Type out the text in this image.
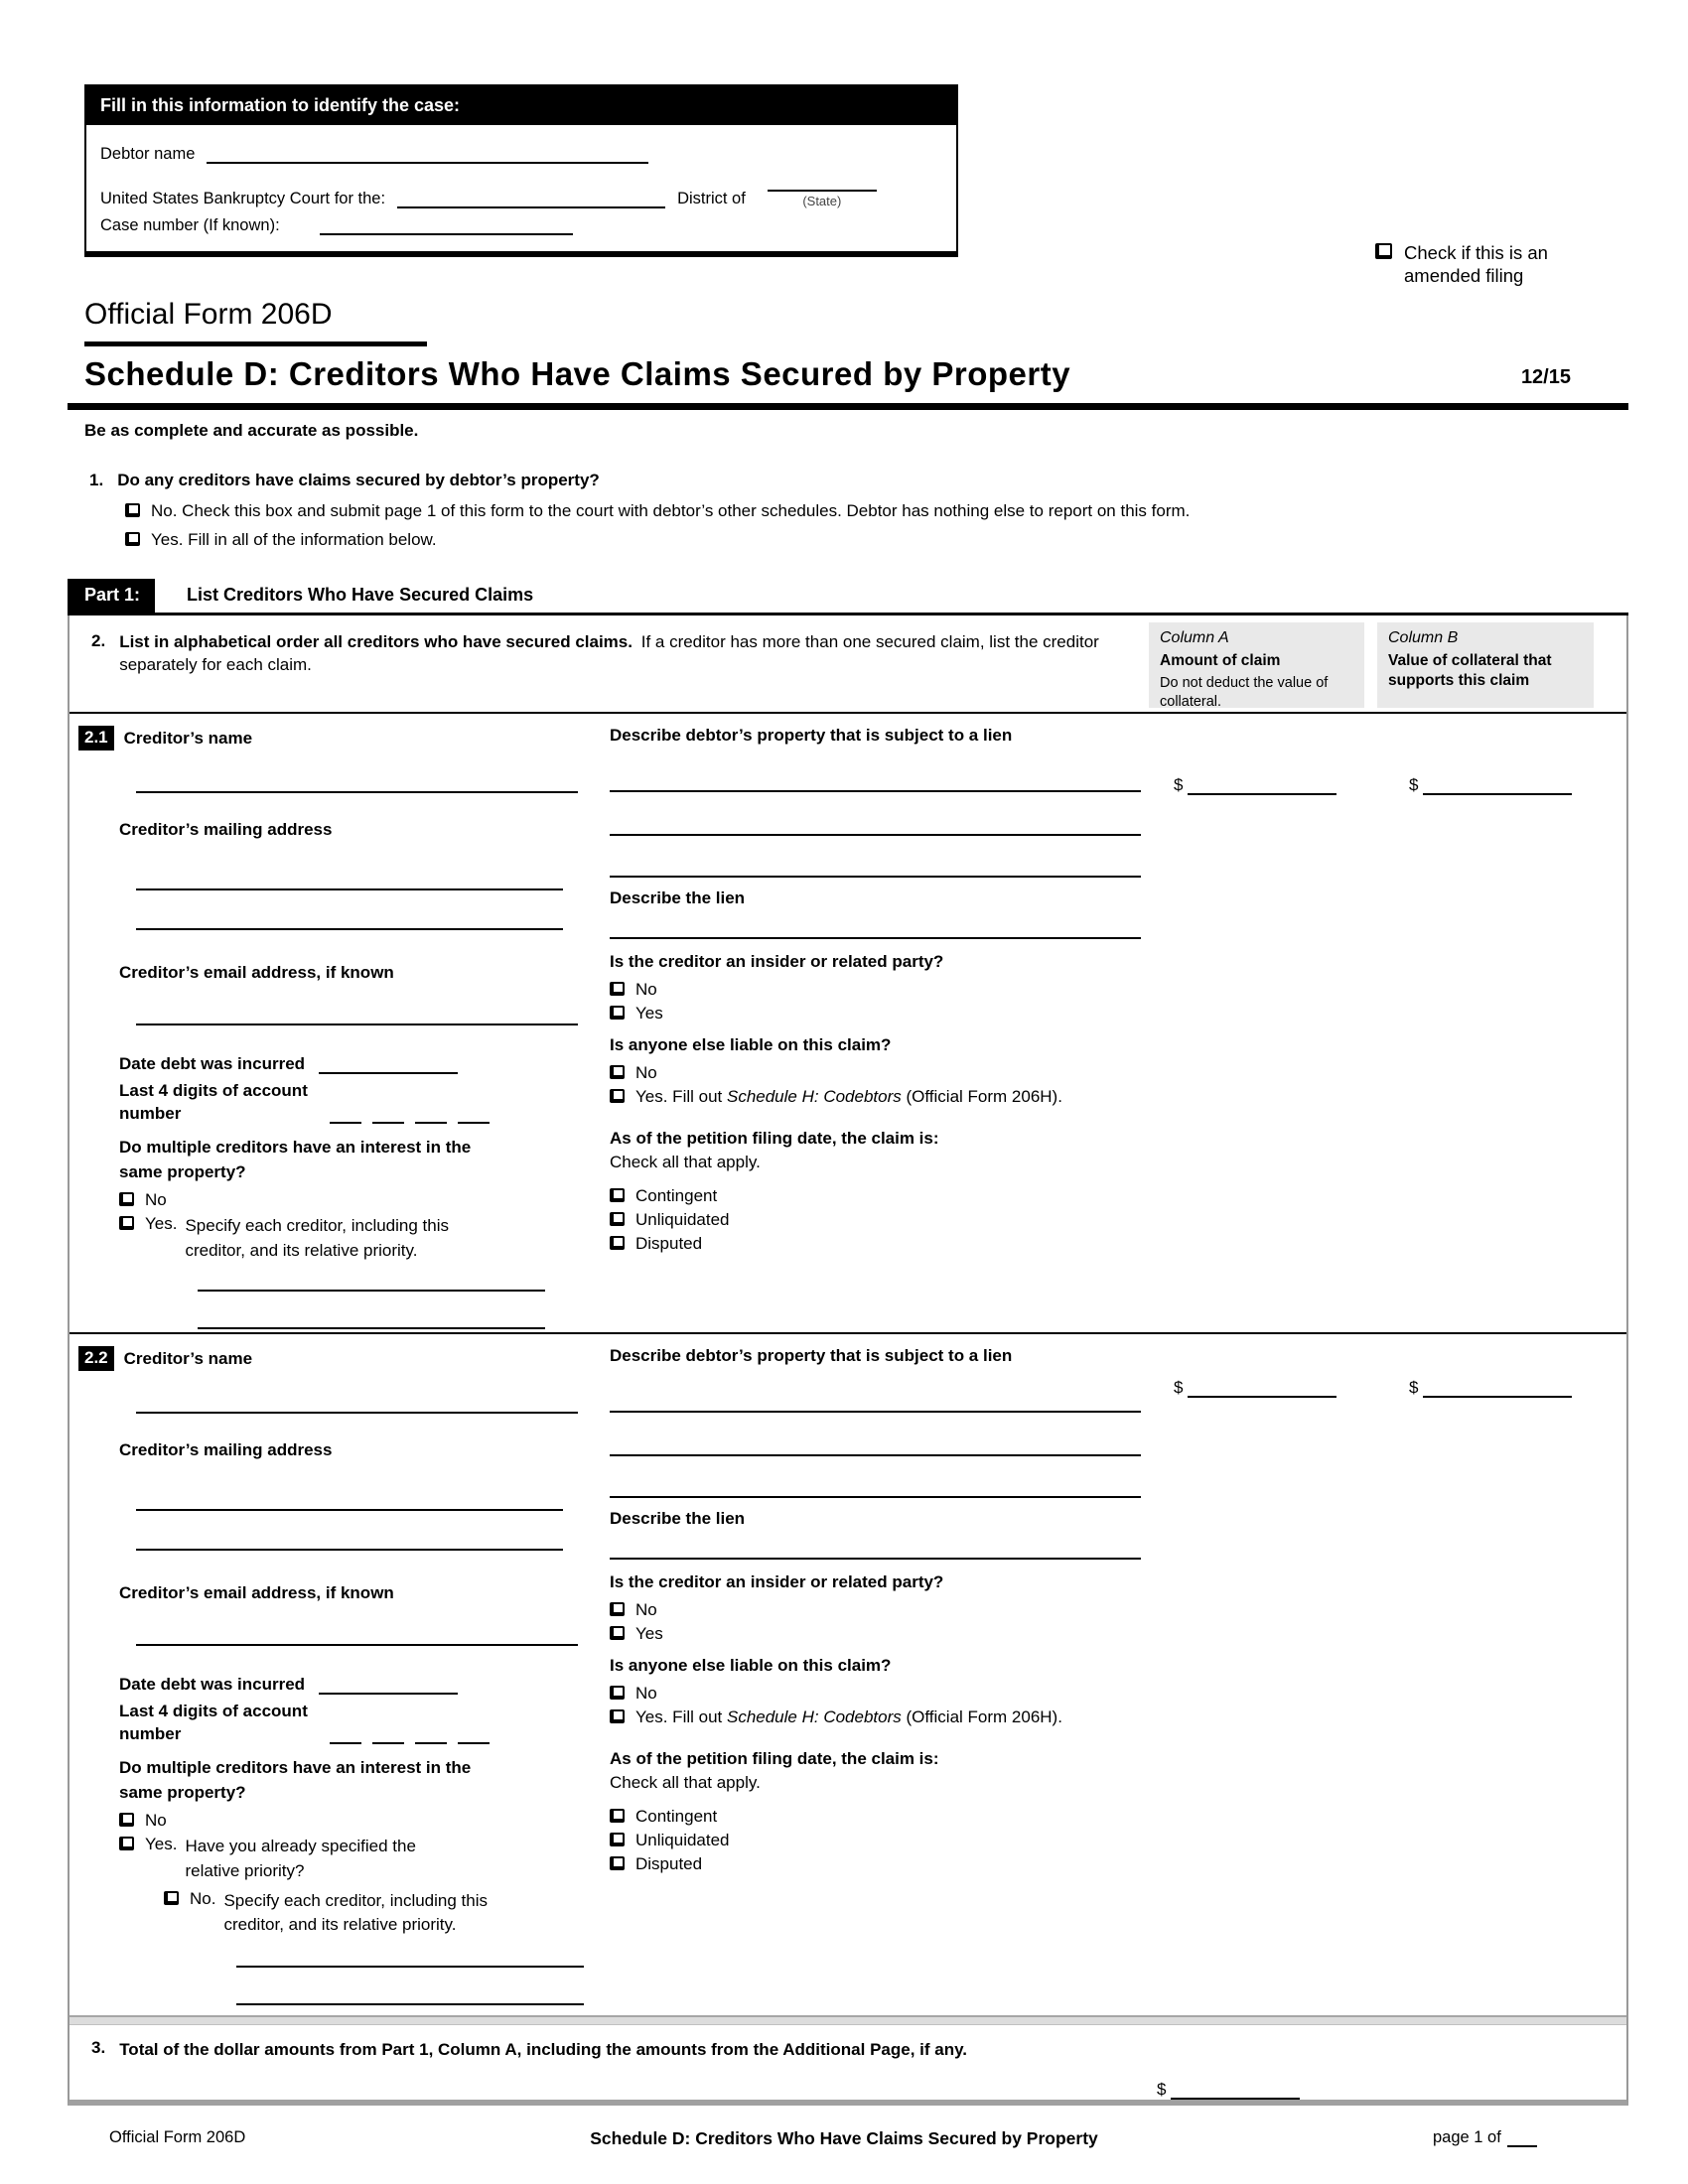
Fill in this information to identify the case:
Debtor name
United States Bankruptcy Court for the:	District of	(State)
Case number (If known):
Check if this is an amended filing
Official Form 206D
Schedule D: Creditors Who Have Claims Secured by Property	12/15
Be as complete and accurate as possible.
1. Do any creditors have claims secured by debtor’s property?
No. Check this box and submit page 1 of this form to the court with debtor’s other schedules. Debtor has nothing else to report on this form.
Yes. Fill in all of the information below.
Part 1:	List Creditors Who Have Secured Claims
2. List in alphabetical order all creditors who have secured claims. If a creditor has more than one secured claim, list the creditor separately for each claim.
Column A
Amount of claim
Do not deduct the value of collateral.
Column B
Value of collateral that supports this claim
2.1 Creditor’s name
Creditor’s mailing address
Creditor’s email address, if known
Date debt was incurred
Last 4 digits of account number
Do multiple creditors have an interest in the same property?
No
Yes. Specify each creditor, including this creditor, and its relative priority.
Describe debtor’s property that is subject to a lien
Describe the lien
Is the creditor an insider or related party?
No
Yes
Is anyone else liable on this claim?
No
Yes. Fill out Schedule H: Codebtors (Official Form 206H).
As of the petition filing date, the claim is:
Check all that apply.
Contingent
Unliquidated
Disputed
$	$
2.2 Creditor’s name
Creditor’s mailing address
Creditor’s email address, if known
Date debt was incurred
Last 4 digits of account number
Do multiple creditors have an interest in the same property?
No
Yes. Have you already specified the relative priority?
No. Specify each creditor, including this creditor, and its relative priority.
Describe debtor’s property that is subject to a lien
Describe the lien
Is the creditor an insider or related party?
No
Yes
Is anyone else liable on this claim?
No
Yes. Fill out Schedule H: Codebtors (Official Form 206H).
As of the petition filing date, the claim is:
Check all that apply.
Contingent
Unliquidated
Disputed
$	$
3. Total of the dollar amounts from Part 1, Column A, including the amounts from the Additional Page, if any.
$
Official Form 206D	Schedule D: Creditors Who Have Claims Secured by Property	page 1 of
